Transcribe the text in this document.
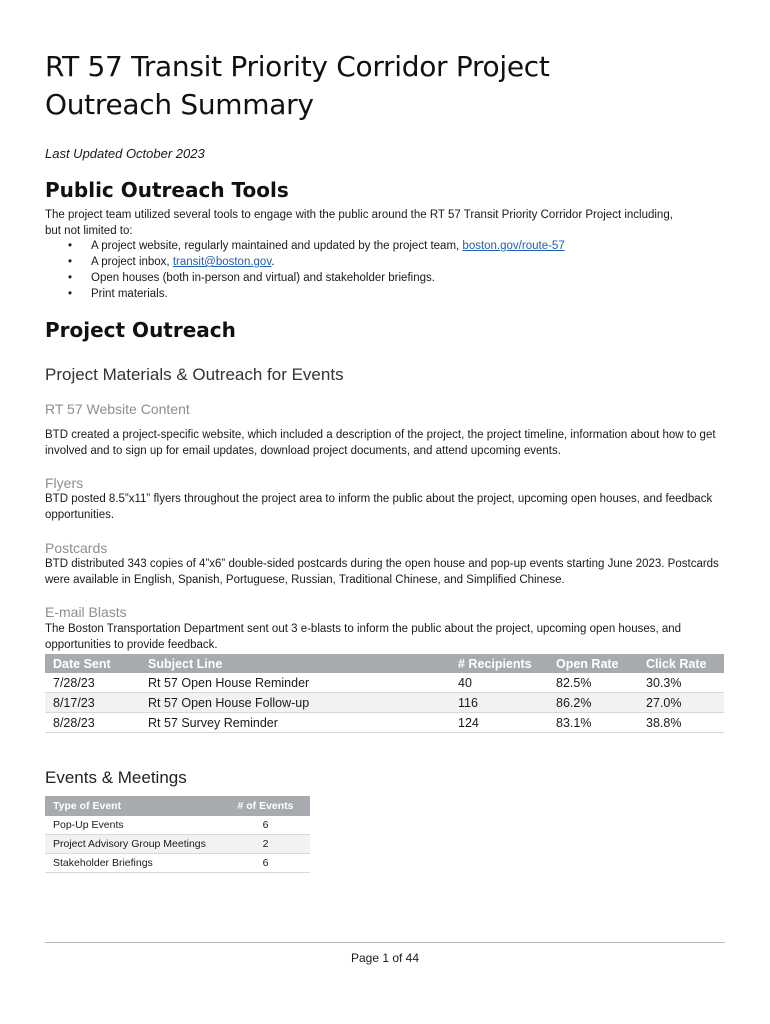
RT 57 Transit Priority Corridor Project Outreach Summary
Last Updated October 2023
Public Outreach Tools

The project team utilized several tools to engage with the public around the RT 57 Transit Priority Corridor Project including, but not limited to:

• A project website, regularly maintained and updated by the project team, boston.gov/route-57
• A project inbox, transit@boston.gov.
• Open houses (both in-person and virtual) and stakeholder briefings.
• Print materials.
Project Outreach
Project Materials & Outreach for Events
RT 57 Website Content

BTD created a project-specific website, which included a description of the project, the project timeline, information about how to get involved and to sign up for email updates, download project documents, and attend upcoming events.

Flyers

BTD posted 8.5”x11” flyers throughout the project area to inform the public about the project, upcoming open houses, and feedback opportunities.

Postcards

BTD distributed 343 copies of 4”x6” double-sided postcards during the open house and pop-up events starting June 2023. Postcards were available in English, Spanish, Portuguese, Russian, Traditional Chinese, and Simplified Chinese.

E-mail Blasts

The Boston Transportation Department sent out 3 e-blasts to inform the public about the project, upcoming open houses, and opportunities to provide feedback.

Date Sent	Subject Line	# Recipients	Open Rate	Click Rate
7/28/23	Rt 57 Open House Reminder	40	82.5%	30.3%
8/17/23	Rt 57 Open House Follow-up	116	86.2%	27.0%
8/28/23	Rt 57 Survey Reminder	124	83.1%	38.8%
Events & Meetings
Type of Event	# of Events
Pop-Up Events	6
Project Advisory Group Meetings	2
Stakeholder Briefings	6
Page 1 of 44
